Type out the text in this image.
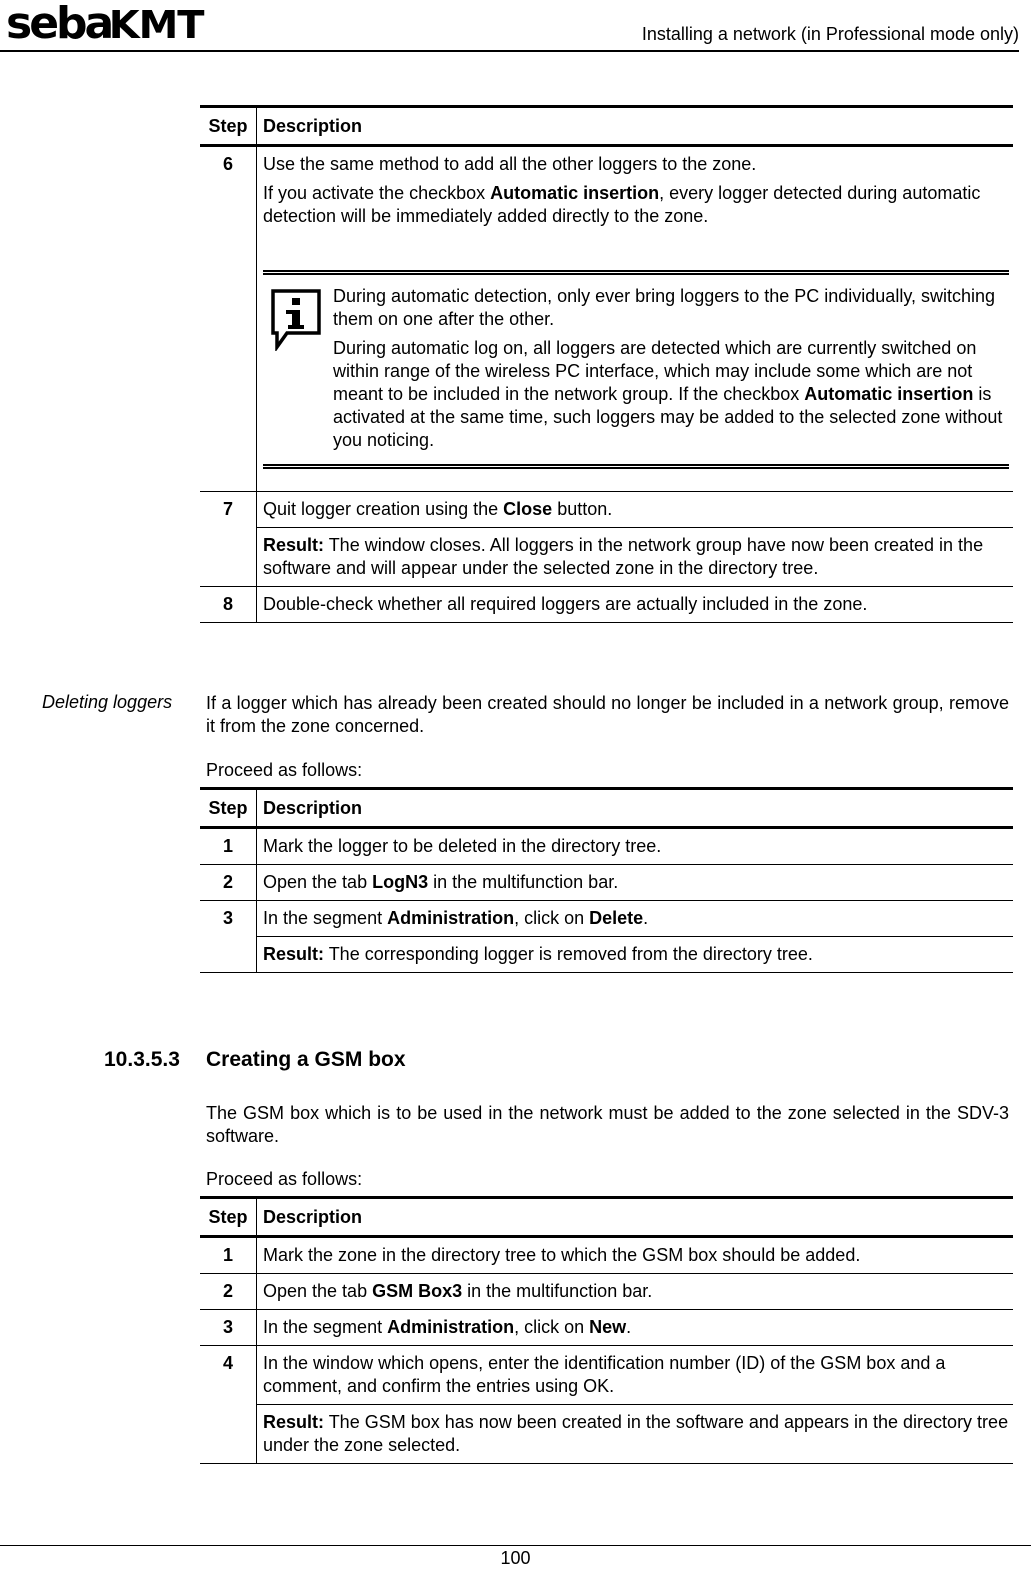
sebaKMT	Installing a network (in Professional mode only)
Step	Description
6	Use the same method to add all the other loggers to the zone.

If you activate the checkbox Automatic insertion, every logger detected during automatic detection will be immediately added directly to the zone.

During automatic detection, only ever bring loggers to the PC individually, switching them on one after the other.

During automatic log on, all loggers are detected which are currently switched on within range of the wireless PC interface, which may include some which are not meant to be included in the network group. If the checkbox Automatic insertion is activated at the same time, such loggers may be added to the selected zone without you noticing.

7	Quit logger creation using the Close button.
	Result: The window closes. All loggers in the network group have now been created in the software and will appear under the selected zone in the directory tree.
8	Double-check whether all required loggers are actually included in the zone.
Deleting loggers If a logger which has already been created should no longer be included in a network group, remove it from the zone concerned.
Proceed as follows:
Step	Description
1	Mark the logger to be deleted in the directory tree.
2	Open the tab LogN3 in the multifunction bar.
3	In the segment Administration, click on Delete.
	Result: The corresponding logger is removed from the directory tree.
10.3.5.3 Creating a GSM box
The GSM box which is to be used in the network must be added to the zone selected in the SDV-3 software.
Proceed as follows:
Step	Description
1	Mark the zone in the directory tree to which the GSM box should be added.
2	Open the tab GSM Box3 in the multifunction bar.
3	In the segment Administration, click on New.
4	In the window which opens, enter the identification number (ID) of the GSM box and a comment, and confirm the entries using OK.
	Result: The GSM box has now been created in the software and appears in the directory tree under the zone selected.
100
